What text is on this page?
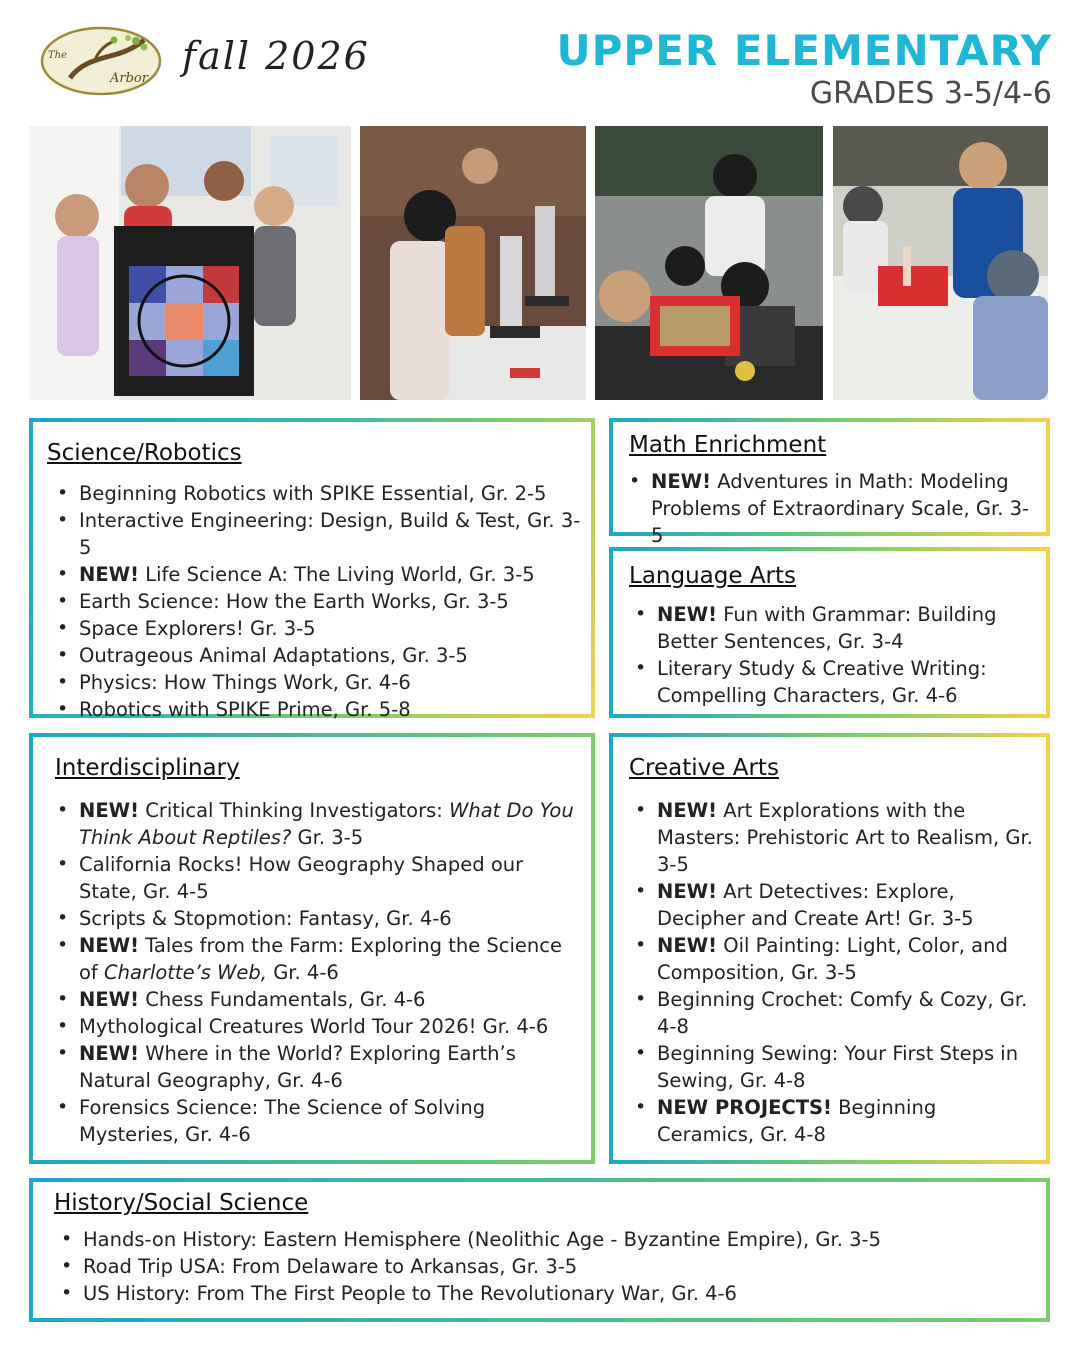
The
Arbor
fall 2026	UPPER ELEMENTARY
GRADES 3-5/4-6
Science/Robotics
• Beginning Robotics with SPIKE Essential, Gr. 2-5
• Interactive Engineering: Design, Build & Test, Gr. 3-5
• NEW! Life Science A: The Living World, Gr. 3-5
• Earth Science: How the Earth Works, Gr. 3-5
• Space Explorers! Gr. 3-5
• Outrageous Animal Adaptations, Gr. 3-5
• Physics: How Things Work, Gr. 4-6
• Robotics with SPIKE Prime, Gr. 5-8
Math Enrichment
• NEW! Adventures in Math: Modeling Problems of Extraordinary Scale, Gr. 3-5
Language Arts
• NEW! Fun with Grammar: Building Better Sentences, Gr. 3-4
• Literary Study & Creative Writing: Compelling Characters, Gr. 4-6
Interdisciplinary
• NEW! Critical Thinking Investigators: What Do You Think About Reptiles? Gr. 3-5
• California Rocks! How Geography Shaped our State, Gr. 4-5
• Scripts & Stopmotion: Fantasy, Gr. 4-6
• NEW! Tales from the Farm: Exploring the Science of Charlotte’s Web, Gr. 4-6
• NEW! Chess Fundamentals, Gr. 4-6
• Mythological Creatures World Tour 2026! Gr. 4-6
• NEW! Where in the World? Exploring Earth’s Natural Geography, Gr. 4-6
• Forensics Science: The Science of Solving Mysteries, Gr. 4-6
Creative Arts
• NEW! Art Explorations with the Masters: Prehistoric Art to Realism, Gr. 3-5
• NEW! Art Detectives: Explore, Decipher and Create Art! Gr. 3-5
• NEW! Oil Painting: Light, Color, and Composition, Gr. 3-5
• Beginning Crochet: Comfy & Cozy, Gr. 4-8
• Beginning Sewing: Your First Steps in Sewing, Gr. 4-8
• NEW PROJECTS! Beginning Ceramics, Gr. 4-8
History/Social Science
• Hands-on History: Eastern Hemisphere (Neolithic Age - Byzantine Empire), Gr. 3-5
• Road Trip USA: From Delaware to Arkansas, Gr. 3-5
• US History: From The First People to The Revolutionary War, Gr. 4-6
